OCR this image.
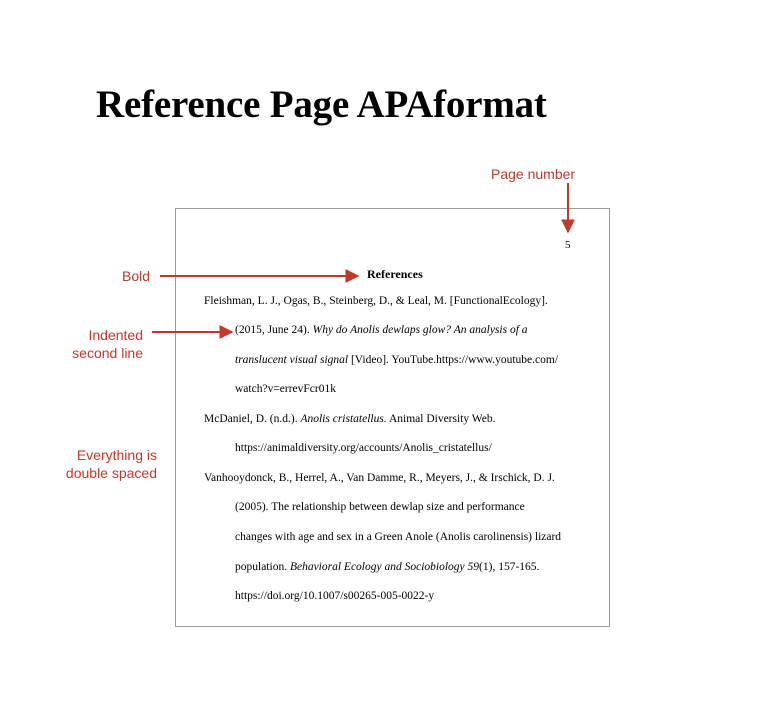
Reference Page APAformat
Page number
Bold
Indented
second line
Everything is
double spaced
5
References
Fleishman, L. J., Ogas, B., Steinberg, D., & Leal, M. [FunctionalEcology].
(2015, June 24). Why do Anolis dewlaps glow? An analysis of a
translucent visual signal [Video]. YouTube.https://www.youtube.com/
watch?v=errevFcr01k
McDaniel, D. (n.d.). Anolis cristatellus. Animal Diversity Web.
https://animaldiversity.org/accounts/Anolis_cristatellus/
Vanhooydonck, B., Herrel, A., Van Damme, R., Meyers, J., & Irschick, D. J.
(2005). The relationship between dewlap size and performance
changes with age and sex in a Green Anole (Anolis carolinensis) lizard
population. Behavioral Ecology and Sociobiology 59(1), 157-165.
https://doi.org/10.1007/s00265-005-0022-y
